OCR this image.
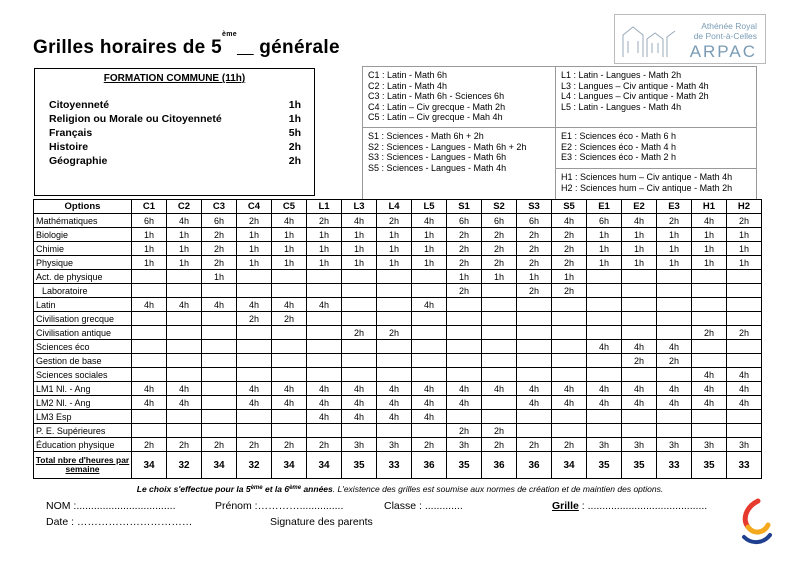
Grilles horaires de 5ème    générale
Athénée Royal
de Pont-à-Celles
ARPAC
FORMATION COMMUNE (11h)
Citoyenneté	1h
Religion ou Morale ou Citoyenneté	1h
Français	5h
Histoire	2h
Géographie	2h
C1 : Latin - Math 6h
C2 : Latin - Math 4h
C3 : Latin - Math 6h - Sciences 6h
C4 : Latin – Civ grecque - Math 2h
C5 : Latin – Civ grecque - Mah 4h
S1 : Sciences - Math 6h + 2h
S2 : Sciences - Langues - Math 6h + 2h
S3 : Sciences - Langues - Math 6h
S5 : Sciences - Langues - Math 4h
L1 : Latin - Langues - Math 2h
L3 : Langues – Civ antique - Math 4h
L4 : Langues – Civ antique - Math 2h
L5 : Latin - Langues - Math 4h
E1 : Sciences éco - Math 6 h
E2 : Sciences éco - Math 4 h
E3 : Sciences éco - Math 2 h
H1 : Sciences hum – Civ antique - Math 4h
H2 : Sciences hum – Civ antique - Math 2h
Options	C1	C2	C3	C4	C5	L1	L3	L4	L5	S1	S2	S3	S5	E1	E2	E3	H1	H2
Mathématiques	6h	4h	6h	2h	4h	2h	4h	2h	4h	6h	6h	6h	4h	6h	4h	2h	4h	2h
Biologie	1h	1h	2h	1h	1h	1h	1h	1h	1h	2h	2h	2h	2h	1h	1h	1h	1h	1h
Chimie	1h	1h	2h	1h	1h	1h	1h	1h	1h	2h	2h	2h	2h	1h	1h	1h	1h	1h
Physique	1h	1h	2h	1h	1h	1h	1h	1h	1h	2h	2h	2h	2h	1h	1h	1h	1h	1h
Act. de physique			1h							1h	1h	1h	1h					
Laboratoire										2h		2h	2h					
Latin	4h	4h	4h	4h	4h	4h			4h									
Civilisation grecque				2h	2h													
Civilisation antique							2h	2h									2h	2h
Sciences éco														4h	4h	4h		
Gestion de base															2h	2h		
Sciences sociales																	4h	4h
LM1 Nl. - Ang	4h	4h		4h	4h	4h	4h	4h	4h	4h	4h	4h	4h	4h	4h	4h	4h	4h
LM2 Nl. - Ang	4h	4h		4h	4h	4h	4h	4h	4h	4h		4h	4h	4h	4h	4h	4h	4h
LM3 Esp						4h	4h	4h	4h									
P. E. Supérieures										2h	2h							
Éducation physique	2h	2h	2h	2h	2h	2h	3h	3h	2h	3h	2h	2h	2h	3h	3h	3h	3h	3h
Total nbre d'heures par semaine	34	32	34	32	34	34	35	33	36	35	36	36	34	35	35	33	35	33
Le choix s'effectue pour la 5ème et la 6ème années. L'existence des grilles est soumise aux normes de création et de maintien des options.
NOM :..................................	Prénom :…………...............	Classe : .............	Grille : .........................................
Date : ……………………………	Signature des parents
